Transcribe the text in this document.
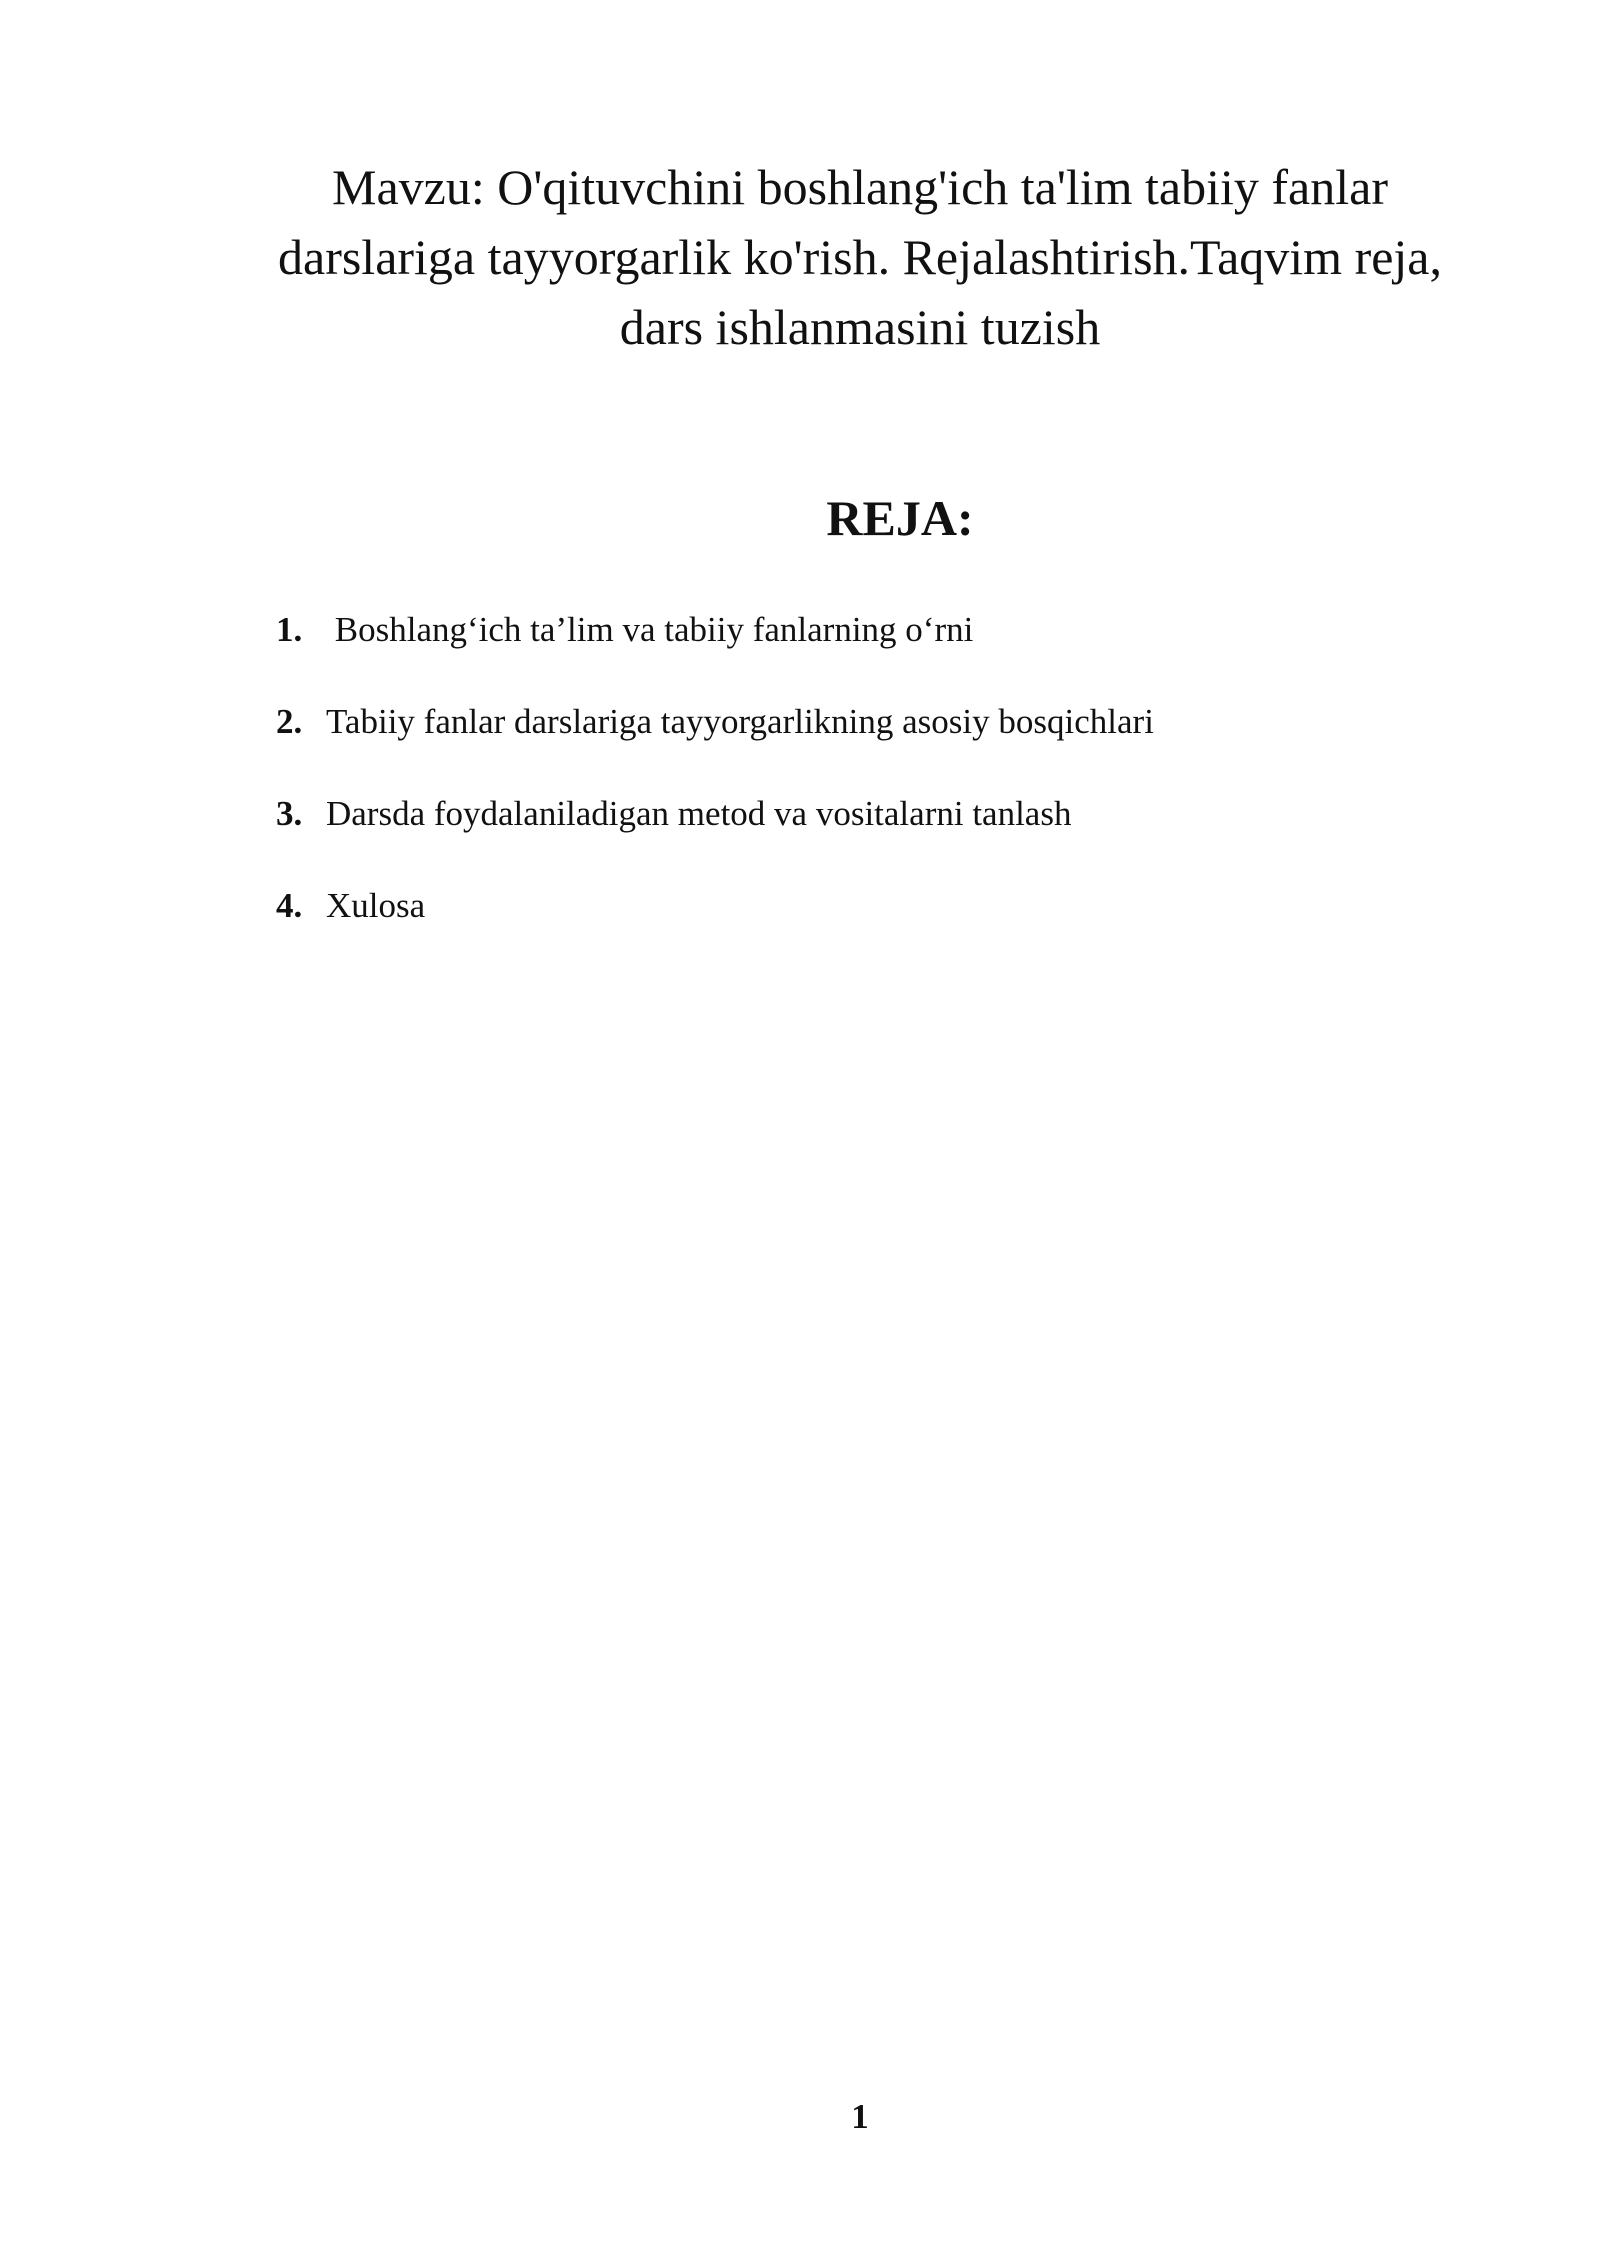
Mavzu: O'qituvchini boshlang'ich ta'lim tabiiy fanlar
darslariga tayyorgarlik ko'rish. Rejalashtirish.Taqvim reja,
dars ishlanmasini tuzish
REJA:
1. Boshlang‘ich ta’lim va tabiiy fanlarning o‘rni
2. Tabiiy fanlar darslariga tayyorgarlikning asosiy bosqichlari
3. Darsda foydalaniladigan metod va vositalarni tanlash
4. Xulosa
1
